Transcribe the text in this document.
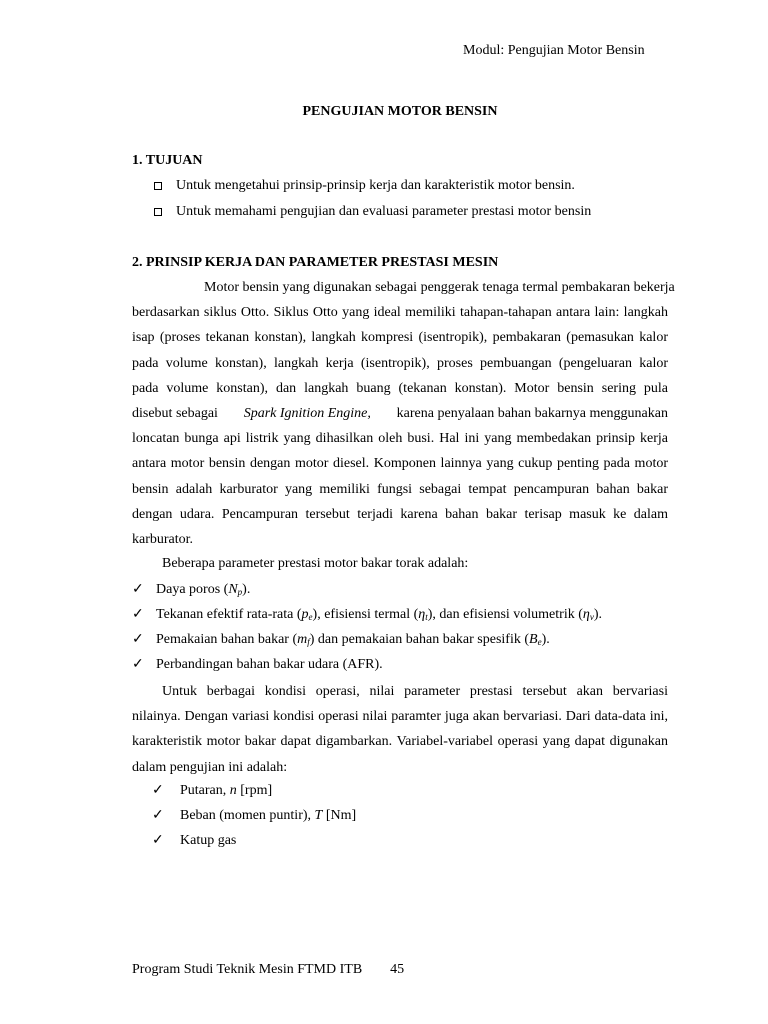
Modul: Pengujian Motor Bensin
PENGUJIAN MOTOR BENSIN
1. TUJUAN
Untuk mengetahui prinsip-prinsip kerja dan karakteristik motor bensin.
Untuk memahami pengujian dan evaluasi parameter prestasi motor bensin
2. PRINSIP KERJA DAN PARAMETER PRESTASI MESIN
Motor bensin yang digunakan sebagai penggerak tenaga termal pembakaran bekerja
berdasarkan siklus Otto. Siklus Otto yang ideal memiliki tahapan-tahapan antara lain: langkah
isap (proses tekanan konstan), langkah kompresi (isentropik), pembakaran (pemasukan kalor
pada volume konstan), langkah kerja (isentropik), proses pembuangan (pengeluaran kalor
pada volume konstan), dan langkah buang (tekanan konstan). Motor bensin sering pula
disebut sebagai Spark Ignition Engine, karena penyalaan bahan bakarnya menggunakan
loncatan bunga api listrik yang dihasilkan oleh busi. Hal ini yang membedakan prinsip kerja
antara motor bensin dengan motor diesel. Komponen lainnya yang cukup penting pada motor
bensin adalah karburator yang memiliki fungsi sebagai tempat pencampuran bahan bakar
dengan udara. Pencampuran tersebut terjadi karena bahan bakar terisap masuk ke dalam
karburator.
Beberapa parameter prestasi motor bakar torak adalah:
✓ Daya poros $(N_p)$.
✓ Tekanan efektif rata-rata $(p_e)$, efisiensi termal $(\eta_t)$, dan efisiensi volumetrik $(\eta_v)$.
✓ Pemakaian bahan bakar $(m_f)$ dan pemakaian bahan bakar spesifik $(B_e)$.
✓ Perbandingan bahan bakar udara (AFR).
Untuk berbagai kondisi operasi, nilai parameter prestasi tersebut akan bervariasi
nilainya. Dengan variasi kondisi operasi nilai paramter juga akan bervariasi. Dari data-data ini,
karakteristik motor bakar dapat digambarkan. Variabel-variabel operasi yang dapat digunakan
dalam pengujian ini adalah:
✓ Putaran, n [rpm]
✓ Beban (momen puntir), T [Nm]
✓ Katup gas
Program Studi Teknik Mesin FTMD ITB 45
